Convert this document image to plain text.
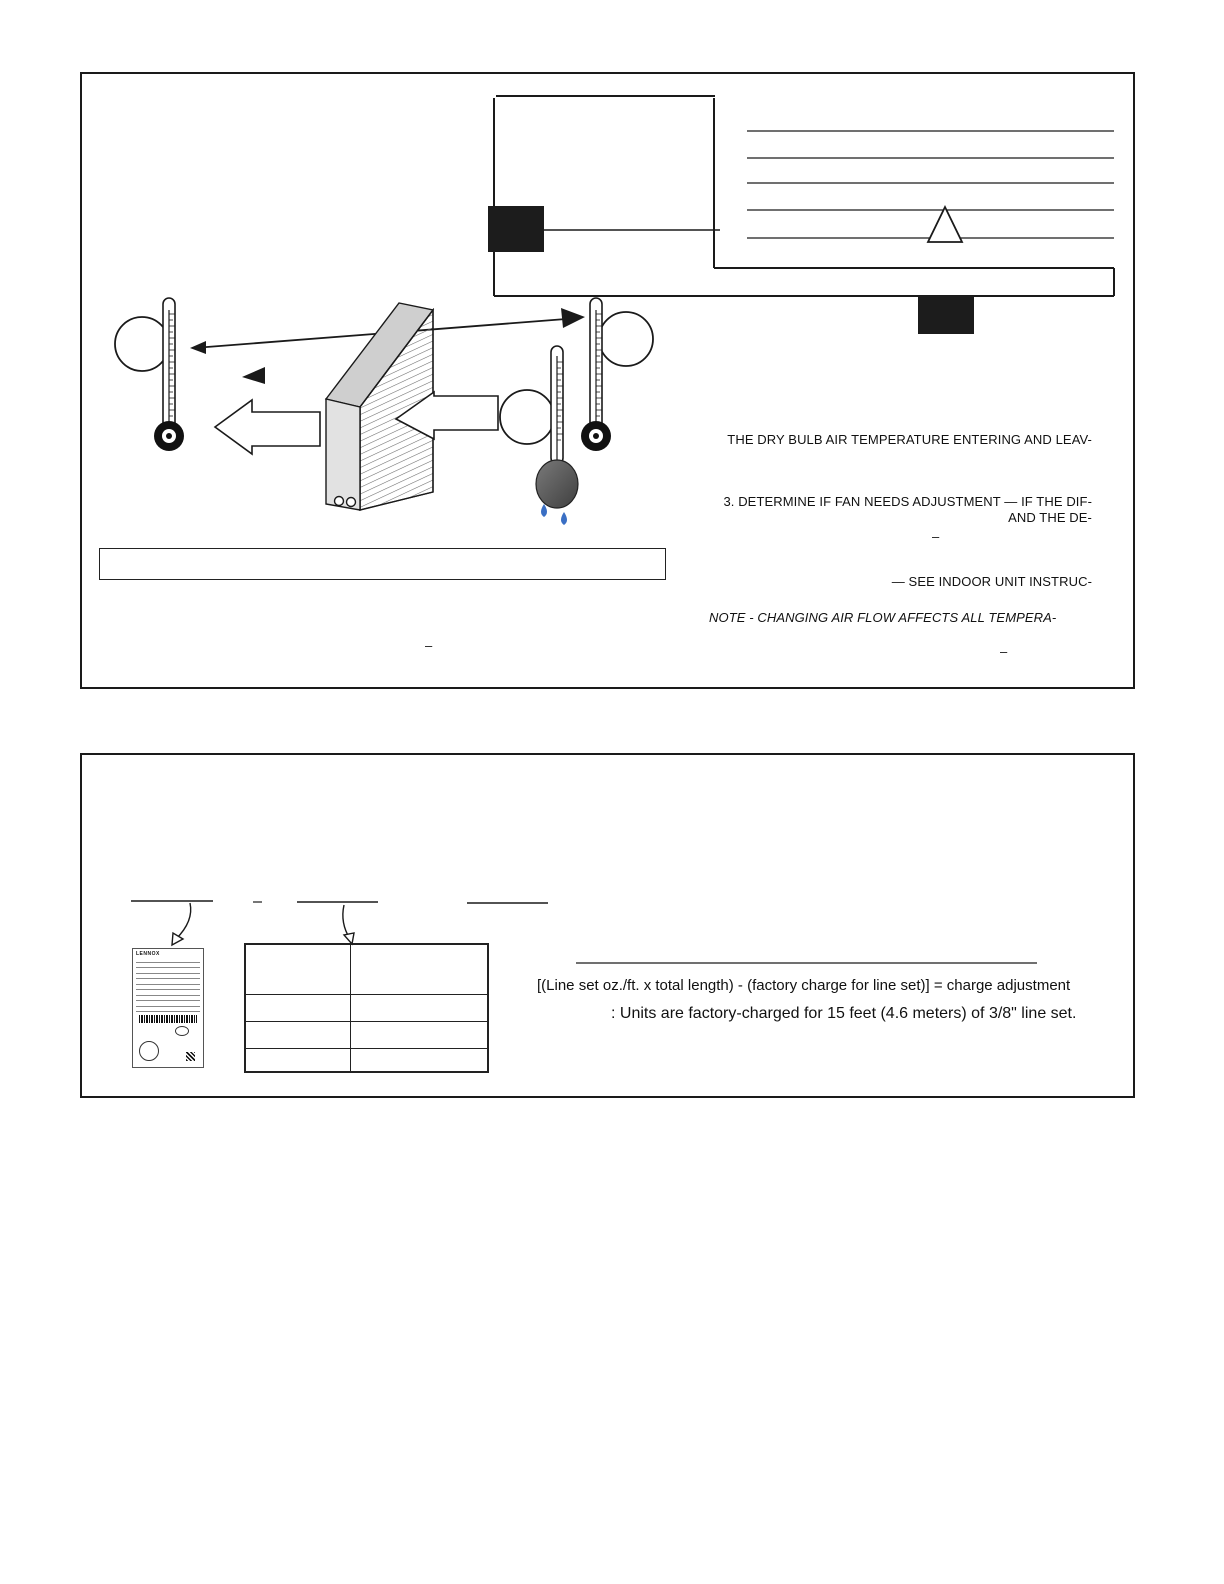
THE DRY BULB AIR TEMPERATURE ENTERING AND LEAV-
3. DETERMINE IF FAN NEEDS ADJUSTMENT — IF THE DIF-
AND THE DE-
–
— SEE INDOOR UNIT INSTRUC-
NOTE - CHANGING AIR FLOW AFFECTS ALL TEMPERA-
–
–
LENNOX

[(Line set oz./ft. x total length) - (factory charge for line set)] = charge adjustment
: Units are factory-charged for 15 feet (4.6 meters) of 3/8" line set.
